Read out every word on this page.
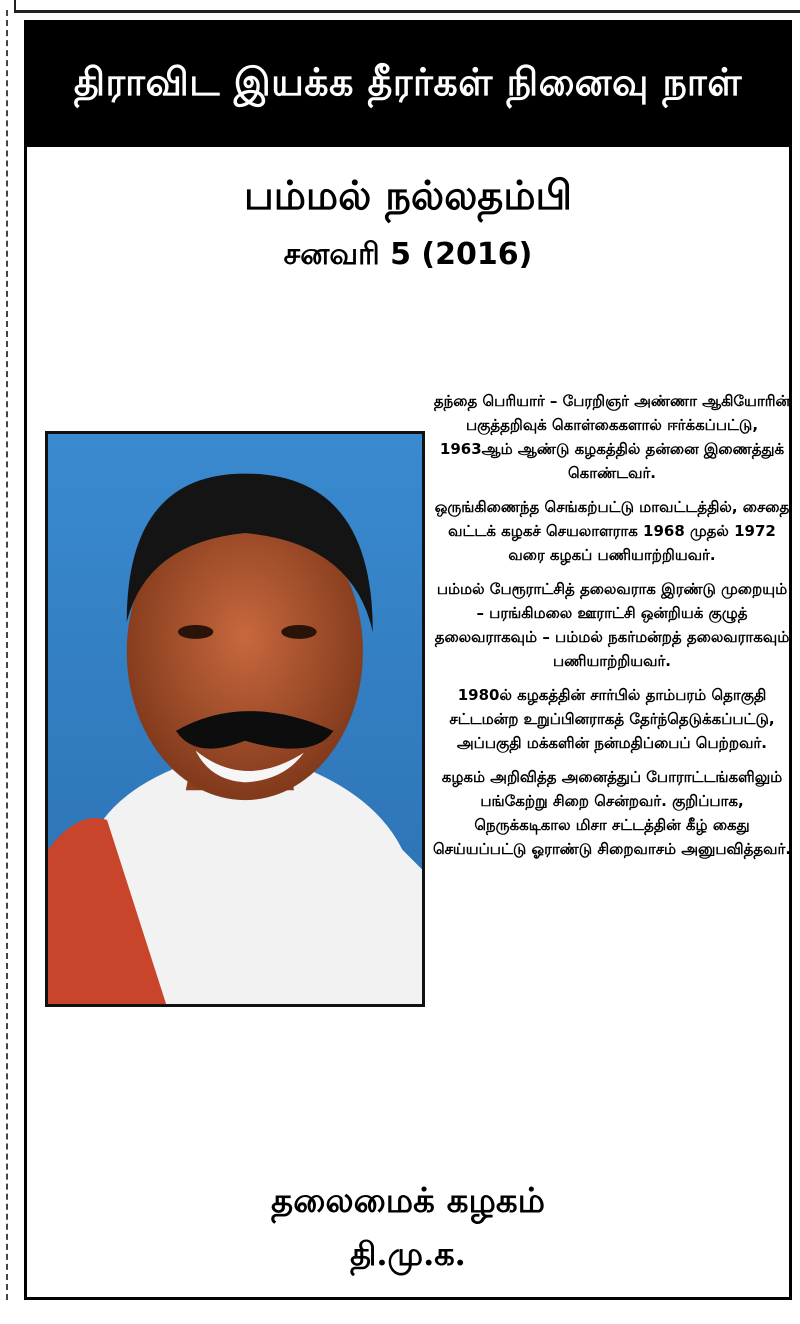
திராவிட இயக்க தீரர்கள் நினைவு நாள்
பம்மல் நல்லதம்பி
சனவரி 5 (2016)

தந்தை பெரியார் – பேரறிஞர் அண்ணா ஆகியோரின் பகுத்தறிவுக் கொள்கைகளால் ஈர்க்கப்பட்டு, 1963ஆம் ஆண்டு கழகத்தில் தன்னை இணைத்துக் கொண்டவர்.

ஒருங்கிணைந்த செங்கற்பட்டு மாவட்டத்தில், சைதை வட்டக் கழகச் செயலாளராக 1968 முதல் 1972 வரை கழகப் பணியாற்றியவர்.

பம்மல் பேரூராட்சித் தலைவராக இரண்டு முறையும் – பரங்கிமலை ஊராட்சி ஒன்றியக் குழுத் தலைவராகவும் – பம்மல் நகர்மன்றத் தலைவராகவும் பணியாற்றியவர்.

1980ல் கழகத்தின் சார்பில் தாம்பரம் தொகுதி சட்டமன்ற உறுப்பினராகத் தேர்ந்தெடுக்கப்பட்டு, அப்பகுதி மக்களின் நன்மதிப்பைப் பெற்றவர்.

கழகம் அறிவித்த அனைத்துப் போராட்டங்களிலும் பங்கேற்று சிறை சென்றவர். குறிப்பாக, நெருக்கடிகால மிசா சட்டத்தின் கீழ் கைது செய்யப்பட்டு ஓராண்டு சிறைவாசம் அனுபவித்தவர்.

தலைமைக் கழகம்
தி.மு.க.
